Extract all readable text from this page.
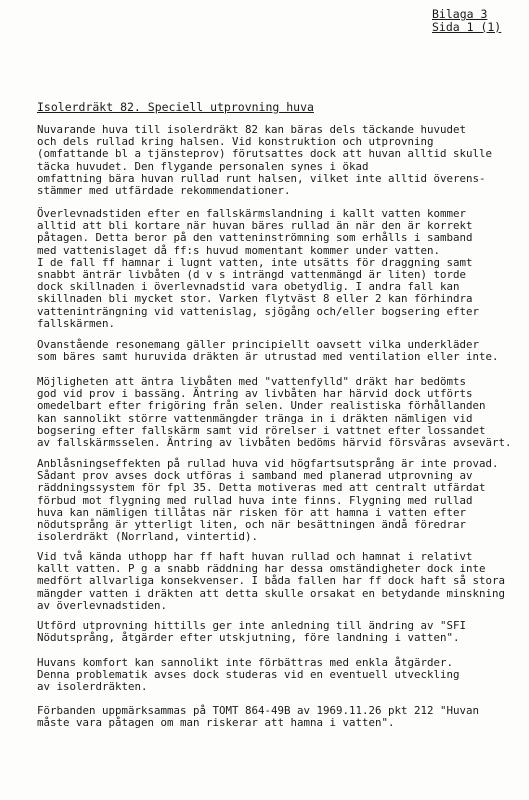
Bilaga 3
Sida 1 (1)
Isolerdräkt 82. Speciell utprovning huva
Nuvarande huva till isolerdräkt 82 kan bäras dels täckande huvudet
och dels rullad kring halsen. Vid konstruktion och utprovning
(omfattande bl a tjänsteprov) förutsattes dock att huvan alltid skulle
täcka huvudet. Den flygande personalen synes i ökad
omfattning bära huvan rullad runt halsen, vilket inte alltid överens-
stämmer med utfärdade rekommendationer.
Överlevnadstiden efter en fallskärmslandning i kallt vatten kommer
alltid att bli kortare när huvan bäres rullad än när den är korrekt
påtagen. Detta beror på den vatteninströmning som erhålls i samband
med vattenislaget då ff:s huvud momentant kommer under vatten.
I de fall ff hamnar i lugnt vatten, inte utsätts för draggning samt
snabbt änträr livbåten (d v s inträngd vattenmängd är liten) torde
dock skillnaden i överlevnadstid vara obetydlig. I andra fall kan
skillnaden bli mycket stor. Varken flytväst 8 eller 2 kan förhindra
vatteninträngning vid vattenislag, sjögång och/eller bogsering efter
fallskärmen.
Ovanstående resonemang gäller principiellt oavsett vilka underkläder
som bäres samt huruvida dräkten är utrustad med ventilation eller inte.
Möjligheten att äntra livbåten med "vattenfylld" dräkt har bedömts
god vid prov i bassäng. Äntring av livbåten har härvid dock utförts
omedelbart efter frigöring från selen. Under realistiska förhållanden
kan sannolikt större vattenmängder tränga in i dräkten nämligen vid
bogsering efter fallskärm samt vid rörelser i vattnet efter lossandet
av fallskärmsselen. Äntring av livbåten bedöms härvid försvåras avsevärt.
Anblåsningseffekten på rullad huva vid högfartsutsprång är inte provad.
Sådant prov avses dock utföras i samband med planerad utprovning av
räddningssystem för fpl 35. Detta motiveras med att centralt utfärdat
förbud mot flygning med rullad huva inte finns. Flygning med rullad
huva kan nämligen tillåtas när risken för att hamna i vatten efter
nödutsprång är ytterligt liten, och när besättningen ändå föredrar
isolerdräkt (Norrland, vintertid).
Vid två kända uthopp har ff haft huvan rullad och hamnat i relativt
kallt vatten. P g a snabb räddning har dessa omständigheter dock inte
medfört allvarliga konsekvenser. I båda fallen har ff dock haft så stora
mängder vatten i dräkten att detta skulle orsakat en betydande minskning
av överlevnadstiden.
Utförd utprovning hittills ger inte anledning till ändring av "SFI
Nödutsprång, åtgärder efter utskjutning, före landning i vatten".
Huvans komfort kan sannolikt inte förbättras med enkla åtgärder.
Denna problematik avses dock studeras vid en eventuell utveckling
av isolerdräkten.
Förbanden uppmärksammas på TOMT 864-49B av 1969.11.26 pkt 212 "Huvan
måste vara påtagen om man riskerar att hamna i vatten".
